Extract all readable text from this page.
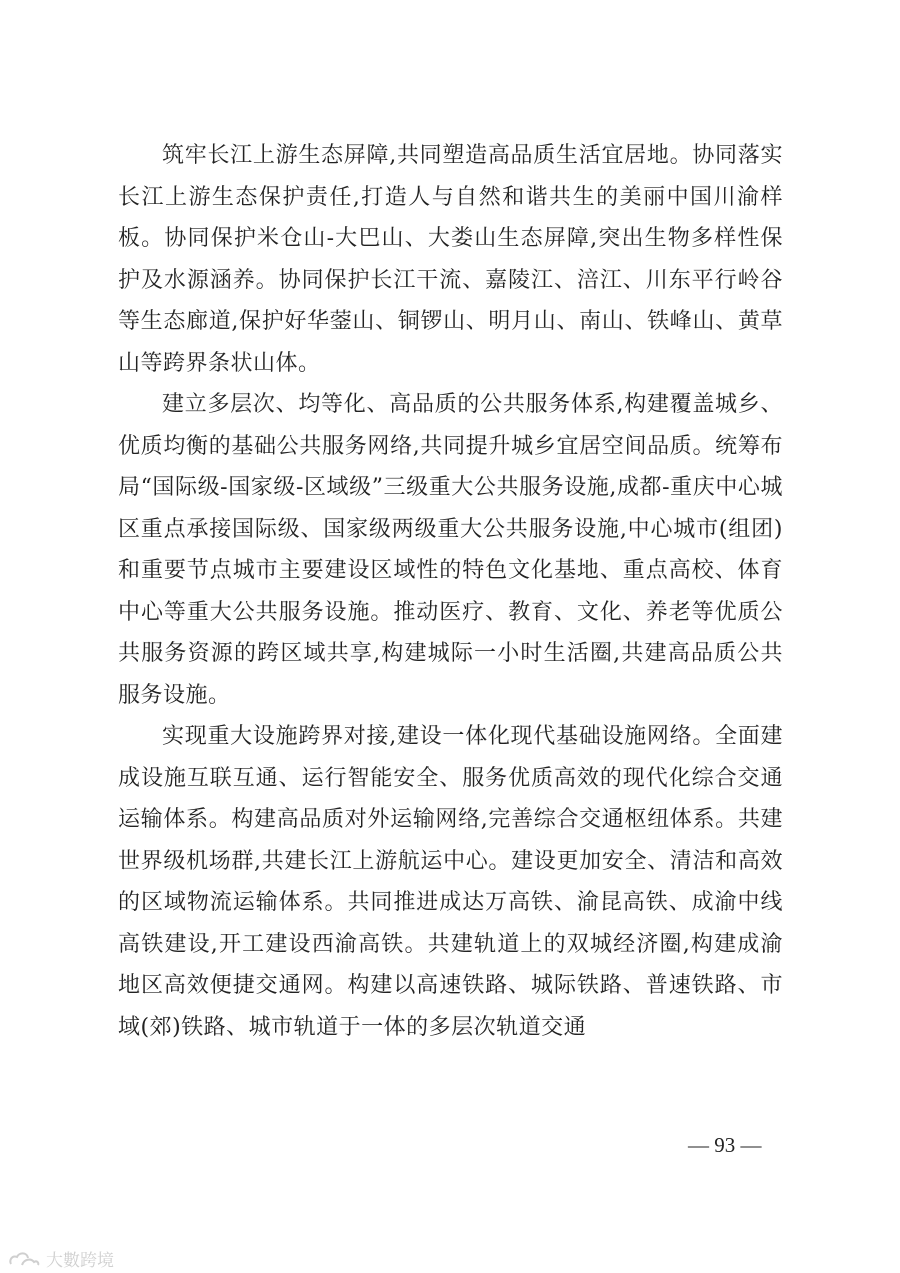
筑牢长江上游生态屏障,共同塑造高品质生活宜居地。协同落实长江上游生态保护责任,打造人与自然和谐共生的美丽中国川渝样板。协同保护米仓山-大巴山、大娄山生态屏障,突出生物多样性保护及水源涵养。协同保护长江干流、嘉陵江、涪江、川东平行岭谷等生态廊道,保护好华蓥山、铜锣山、明月山、南山、铁峰山、黄草山等跨界条状山体。

建立多层次、均等化、高品质的公共服务体系,构建覆盖城乡、优质均衡的基础公共服务网络,共同提升城乡宜居空间品质。统筹布局“国际级-国家级-区域级”三级重大公共服务设施,成都-重庆中心城区重点承接国际级、国家级两级重大公共服务设施,中心城市(组团)和重要节点城市主要建设区域性的特色文化基地、重点高校、体育中心等重大公共服务设施。推动医疗、教育、文化、养老等优质公共服务资源的跨区域共享,构建城际一小时生活圈,共建高品质公共服务设施。

实现重大设施跨界对接,建设一体化现代基础设施网络。全面建成设施互联互通、运行智能安全、服务优质高效的现代化综合交通运输体系。构建高品质对外运输网络,完善综合交通枢纽体系。共建世界级机场群,共建长江上游航运中心。建设更加安全、清洁和高效的区域物流运输体系。共同推进成达万高铁、渝昆高铁、成渝中线高铁建设,开工建设西渝高铁。共建轨道上的双城经济圈,构建成渝地区高效便捷交通网。构建以高速铁路、城际铁路、普速铁路、市域(郊)铁路、城市轨道于一体的多层次轨道交通

— 93 —
大數跨境
